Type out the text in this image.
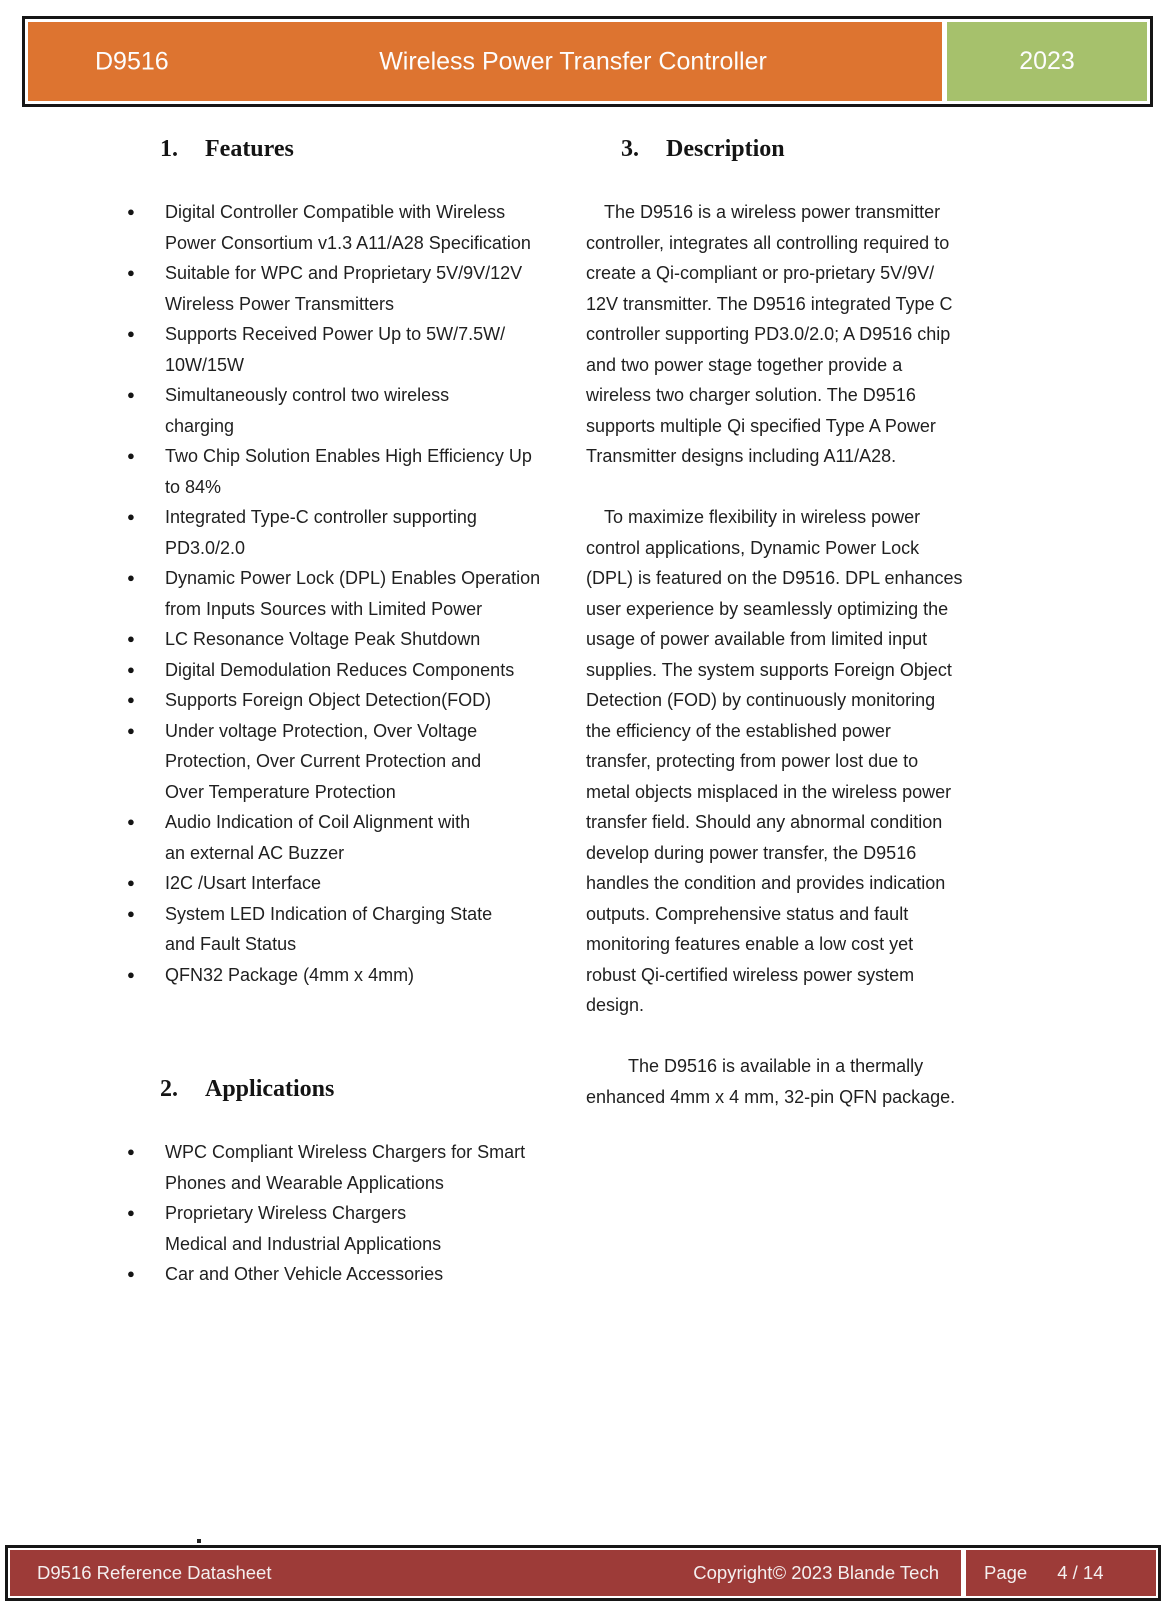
D9516	Wireless Power Transfer Controller	2023
1.	Features
●	Digital Controller Compatible with Wireless
Power Consortium v1.3 A11/A28 Specification
●	Suitable for WPC and Proprietary 5V/9V/12V
Wireless Power Transmitters
●	Supports Received Power Up to 5W/7.5W/
10W/15W
●	Simultaneously control two wireless
charging
●	Two Chip Solution Enables High Efficiency Up
to 84%
●	Integrated Type-C controller supporting
PD3.0/2.0
●	Dynamic Power Lock (DPL) Enables Operation
from Inputs Sources with Limited Power
●	LC Resonance Voltage Peak Shutdown
●	Digital Demodulation Reduces Components
●	Supports Foreign Object Detection(FOD)
●	Under voltage Protection, Over Voltage
Protection, Over Current Protection and
Over Temperature Protection
●	Audio Indication of Coil Alignment with
an external AC Buzzer
●	I2C /Usart Interface
●	System LED Indication of Charging State
and Fault Status
●	QFN32 Package (4mm x 4mm)
2.	Applications
●	WPC Compliant Wireless Chargers for Smart
Phones and Wearable Applications
●	Proprietary Wireless Chargers
Medical and Industrial Applications
●	Car and Other Vehicle Accessories
3.	Description
The D9516 is a wireless power transmitter
controller, integrates all controlling required to
create a Qi-compliant or pro-prietary 5V/9V/
12V transmitter. The D9516 integrated Type C
controller supporting PD3.0/2.0; A D9516 chip
and two power stage together provide a
wireless two charger solution. The D9516
supports multiple Qi specified Type A Power
Transmitter designs including A11/A28.
To maximize flexibility in wireless power
control applications, Dynamic Power Lock
(DPL) is featured on the D9516. DPL enhances
user experience by seamlessly optimizing the
usage of power available from limited input
supplies. The system supports Foreign Object
Detection (FOD) by continuously monitoring
the efficiency of the established power
transfer, protecting from power lost due to
metal objects misplaced in the wireless power
transfer field. Should any abnormal condition
develop during power transfer, the D9516
handles the condition and provides indication
outputs. Comprehensive status and fault
monitoring features enable a low cost yet
robust Qi-certified wireless power system
design.
The D9516 is available in a thermally
enhanced 4mm x 4 mm, 32-pin QFN package.
D9516 Reference Datasheet	Copyright© 2023 Blande Tech Page 4 / 14
